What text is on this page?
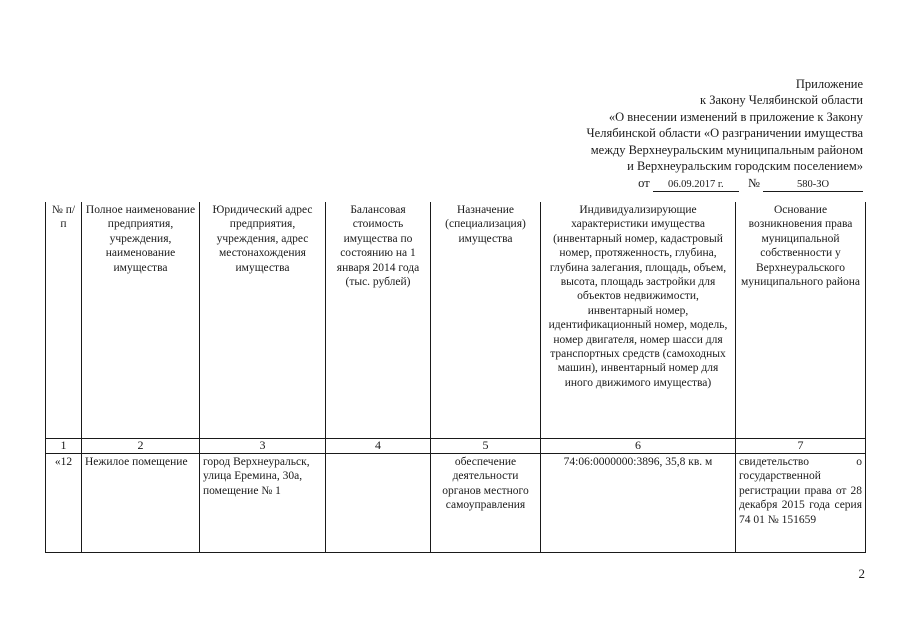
Приложение
к Закону Челябинской области
«О внесении изменений в приложение к Закону
Челябинской области «О разграничении имущества
между Верхнеуральским муниципальным районом
и Верхнеуральским городским поселением»
от 06.09.2017 г. №	580-ЗО
№ п/п	Полное наименование предприятия, учреждения, наименование имущества	Юридический адрес предприятия, учреждения, адрес местонахождения имущества	Балансовая стоимость имущества по состоянию на 1 января 2014 года (тыс. рублей)	Назначение (специализация) имущества	Индивидуализирующие характеристики имущества (инвентарный номер, кадастровый номер, протяженность, глубина, глубина залегания, площадь, объем, высота, площадь застройки для объектов недвижимости, инвентарный номер, идентификационный номер, модель, номер двигателя, номер шасси для транспортных средств (самоходных машин), инвентарный номер для иного движимого имущества)	Основание возникновения права муниципальной собственности у Верхнеуральского муниципального района
1	2	3	4	5	6	7
«12	Нежилое помещение	город Верхнеуральск, улица Еремина, 30а, помещение № 1		обеспечение деятельности органов местного самоуправления	74:06:0000000:3896, 35,8 кв. м	свидетельство о государственной регистрации права от 28 декабря 2015 года серия 74 01 № 151659
2
